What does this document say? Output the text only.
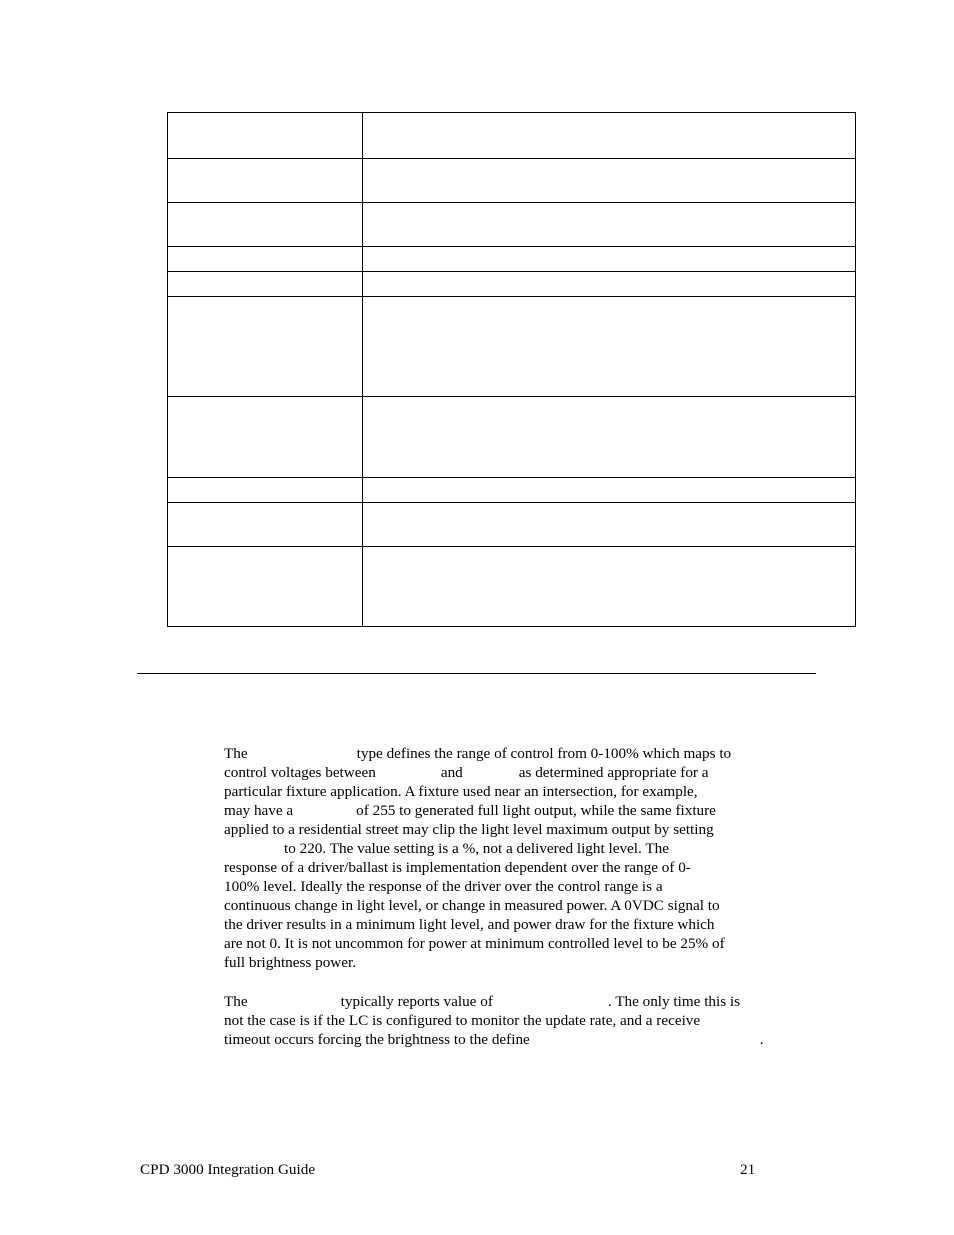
The	type defines the range of control from 0-100% which maps to
control voltages between	and	as determined appropriate for a
particular fixture application. A fixture used near an intersection, for example,
may have a	of 255 to generated full light output, while the same fixture
applied to a residential street may clip the light level maximum output by setting
to 220. The value setting is a %, not a delivered light level. The
response of a driver/ballast is implementation dependent over the range of 0-
100% level. Ideally the response of the driver over the control range is a
continuous change in light level, or change in measured power. A 0VDC signal to
the driver results in a minimum light level, and power draw for the fixture which
are not 0. It is not uncommon for power at minimum controlled level to be 25% of
full brightness power.
The	typically reports value of	. The only time this is
not the case is if the LC is configured to monitor the update rate, and a receive
timeout occurs forcing the brightness to the define	.
CPD 3000 Integration Guide	21
